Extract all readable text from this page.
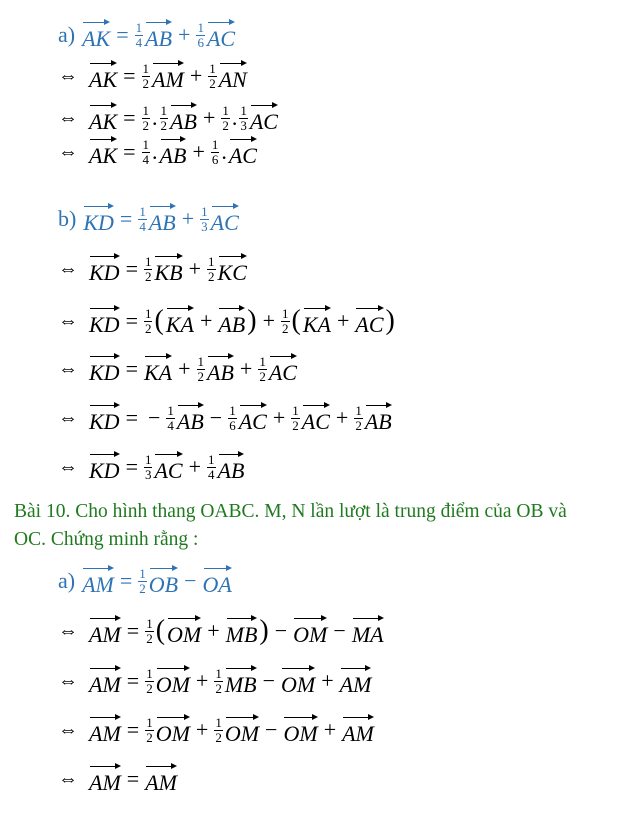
a) AK = $\frac{1}{4}$ AB + $\frac{1}{6}$ AC
⇔ AK = $\frac{1}{2}$ AM + $\frac{1}{2}$ AN
⇔ AK = $\frac{1}{2}$ . $\frac{1}{2}$ AB + $\frac{1}{2}$ . $\frac{1}{3}$ AC
⇔ AK = $\frac{1}{4}$ . AB + $\frac{1}{6}$ . AC
b) KD = $\frac{1}{4}$ AB + $\frac{1}{3}$ AC
⇔ KD = $\frac{1}{2}$ KB + $\frac{1}{2}$ KC
⇔ KD = $\frac{1}{2}$ ( KA + AB ) + $\frac{1}{2}$ ( KA + AC )
⇔ KD = KA + $\frac{1}{2}$ AB + $\frac{1}{2}$ AC
⇔ KD = − $\frac{1}{4}$ AB − $\frac{1}{6}$ AC + $\frac{1}{2}$ AC + $\frac{1}{2}$ AB
⇔ KD = $\frac{1}{3}$ AC + $\frac{1}{4}$ AB
a) AM = $\frac{1}{2}$ OB − OA
⇔ AM = $\frac{1}{2}$ ( OM + MB ) − OM − MA
⇔ AM = $\frac{1}{2}$ OM + $\frac{1}{2}$ MB − OM + AM
⇔ AM = $\frac{1}{2}$ OM + $\frac{1}{2}$ OM − OM + AM
⇔ AM = AM
Bài 10. Cho hình thang OABC. M, N lần lượt là trung điểm của OB và
OC. Chứng minh rằng :
